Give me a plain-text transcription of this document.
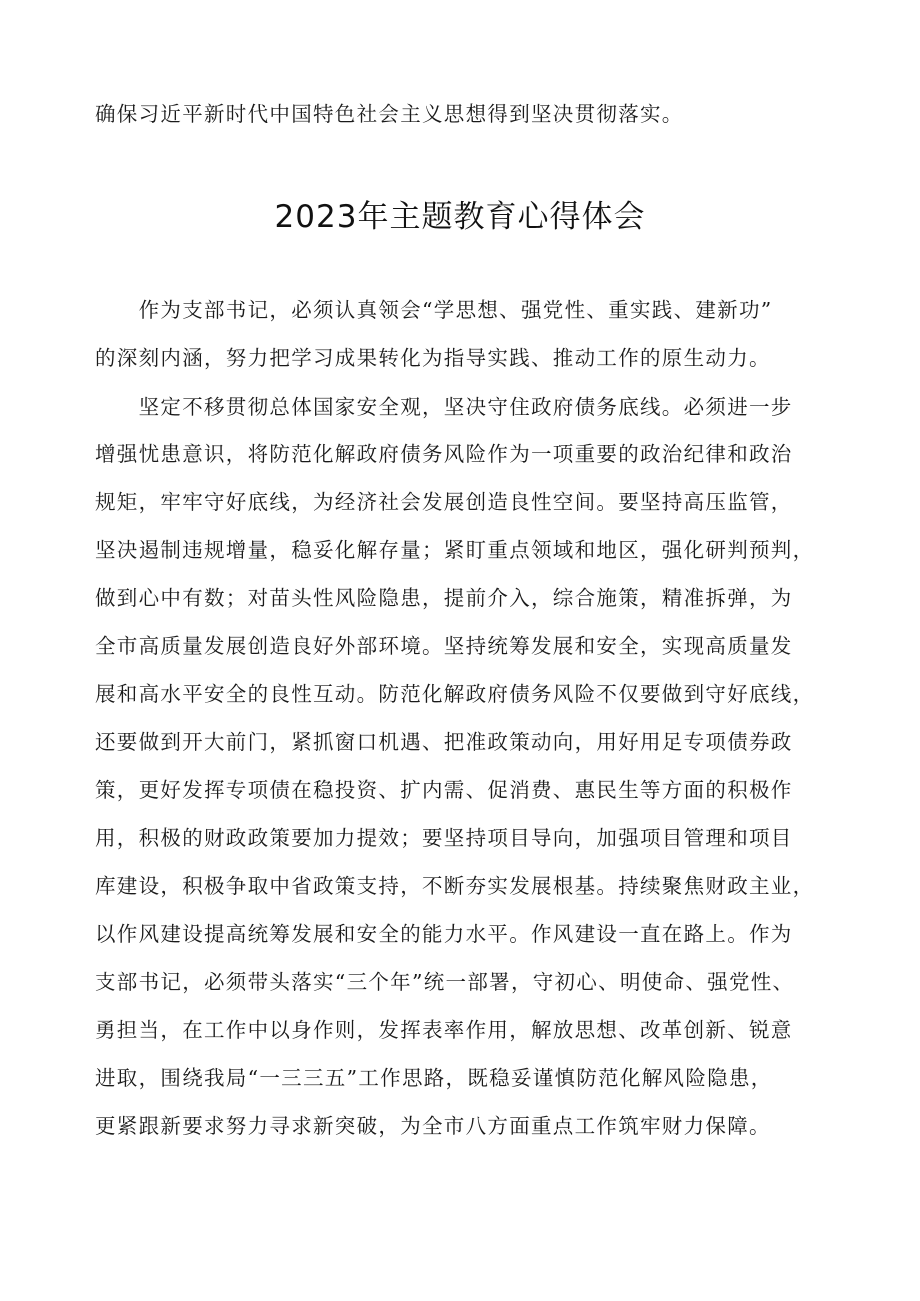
确保习近平新时代中国特色社会主义思想得到坚决贯彻落实。
2023年主题教育心得体会
　　作为支部书记，必须认真领会“学思想、强党性、重实践、建新功”
的深刻内涵，努力把学习成果转化为指导实践、推动工作的原生动力。
　　坚定不移贯彻总体国家安全观，坚决守住政府债务底线。必须进一步
增强忧患意识，将防范化解政府债务风险作为一项重要的政治纪律和政治
规矩，牢牢守好底线，为经济社会发展创造良性空间。要坚持高压监管，
坚决遏制违规增量，稳妥化解存量；紧盯重点领域和地区，强化研判预判，
做到心中有数；对苗头性风险隐患，提前介入，综合施策，精准拆弹，为
全市高质量发展创造良好外部环境。坚持统筹发展和安全，实现高质量发
展和高水平安全的良性互动。防范化解政府债务风险不仅要做到守好底线，
还要做到开大前门，紧抓窗口机遇、把准政策动向，用好用足专项债券政
策，更好发挥专项债在稳投资、扩内需、促消费、惠民生等方面的积极作
用，积极的财政政策要加力提效；要坚持项目导向，加强项目管理和项目
库建设，积极争取中省政策支持，不断夯实发展根基。持续聚焦财政主业，
以作风建设提高统筹发展和安全的能力水平。作风建设一直在路上。作为
支部书记，必须带头落实“三个年”统一部署，守初心、明使命、强党性、
勇担当，在工作中以身作则，发挥表率作用，解放思想、改革创新、锐意
进取，围绕我局“一三三五”工作思路，既稳妥谨慎防范化解风险隐患，
更紧跟新要求努力寻求新突破，为全市八方面重点工作筑牢财力保障。
